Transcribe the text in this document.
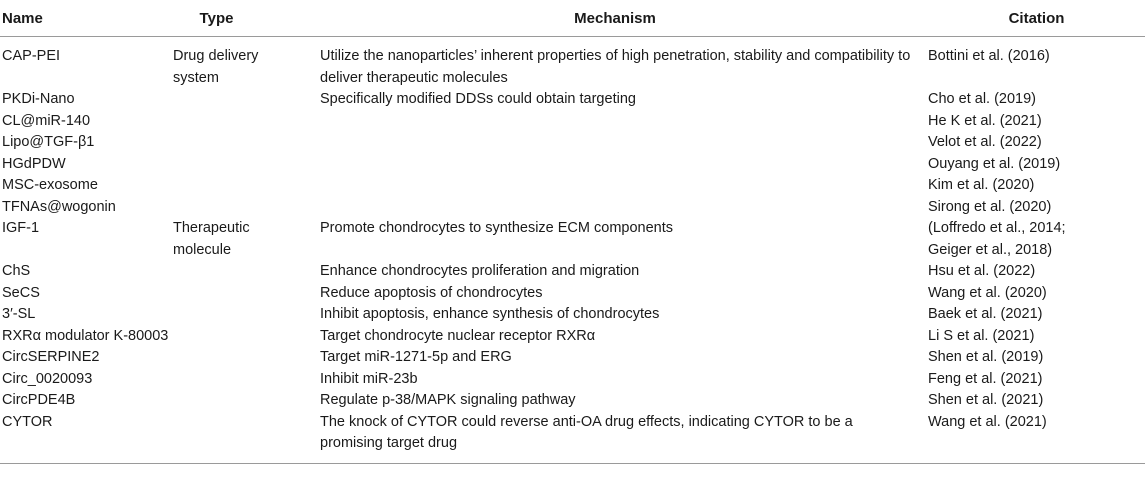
Name	Type	Mechanism	Citation
CAP-PEI	Drug delivery system	Utilize the nanoparticles’ inherent properties of high penetration, stability and compatibility to deliver therapeutic molecules	Bottini et al. (2016)
PKDi-Nano		Specifically modified DDSs could obtain targeting	Cho et al. (2019)
CL@miR-140			He K et al. (2021)
Lipo@TGF-β1			Velot et al. (2022)
HGdPDW			Ouyang et al. (2019)
MSC-exosome			Kim et al. (2020)
TFNAs@wogonin			Sirong et al. (2020)
IGF-1	Therapeutic molecule	Promote chondrocytes to synthesize ECM components	(Loffredo et al., 2014; Geiger et al., 2018)
ChS		Enhance chondrocytes proliferation and migration	Hsu et al. (2022)
SeCS		Reduce apoptosis of chondrocytes	Wang et al. (2020)
3′-SL		Inhibit apoptosis, enhance synthesis of chondrocytes	Baek et al. (2021)
RXRα modulator K-80003		Target chondrocyte nuclear receptor RXRα	Li S et al. (2021)
CircSERPINE2		Target miR-1271-5p and ERG	Shen et al. (2019)
Circ_0020093		Inhibit miR-23b	Feng et al. (2021)
CircPDE4B		Regulate p-38/MAPK signaling pathway	Shen et al. (2021)
CYTOR		The knock of CYTOR could reverse anti-OA drug effects, indicating CYTOR to be a promising target drug	Wang et al. (2021)
